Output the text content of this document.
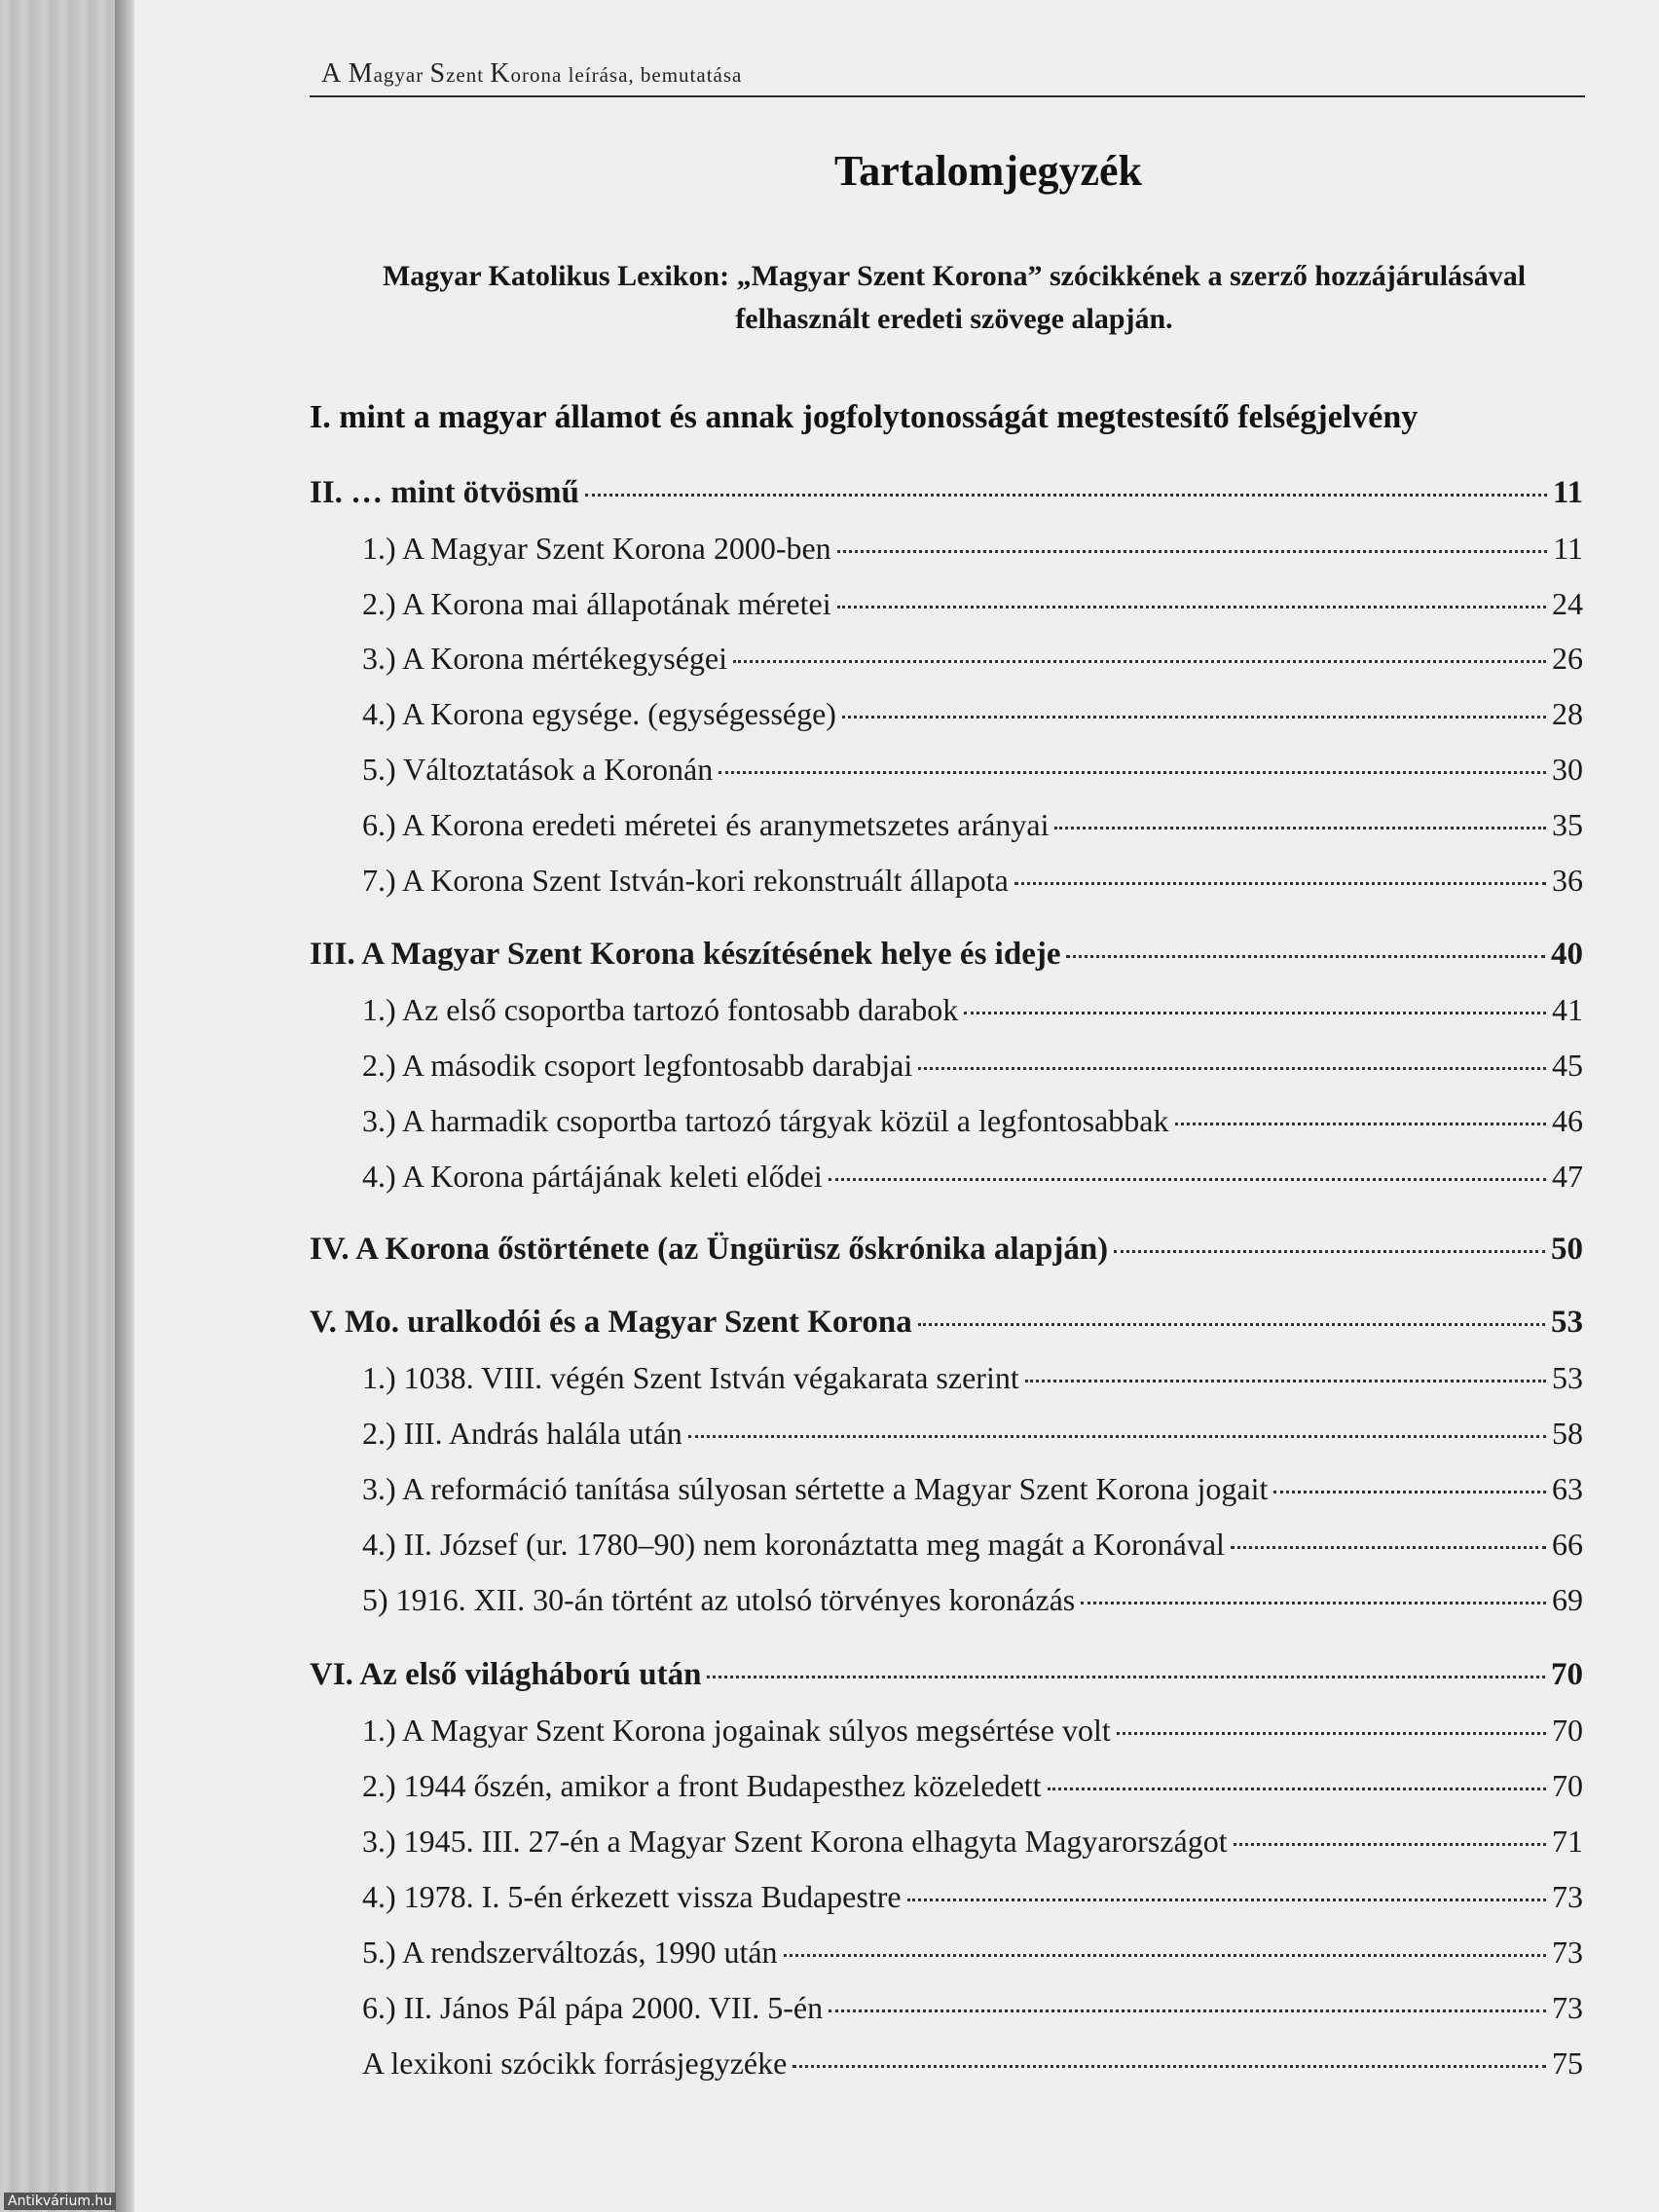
A Magyar Szent Korona leírása, bemutatása
Tartalomjegyzék
Magyar Katolikus Lexikon: „Magyar Szent Korona” szócikkének a szerző hozzájárulásával
felhasznált eredeti szövege alapján.
I. mint a magyar államot és annak jogfolytonosságát megtestesítő felségjelvény
II. … mint ötvösmű	11
1.) A Magyar Szent Korona 2000-ben	11
2.) A Korona mai állapotának méretei	24
3.) A Korona mértékegységei	26
4.) A Korona egysége. (egységessége)	28
5.) Változtatások a Koronán	30
6.) A Korona eredeti méretei és aranymetszetes arányai	35
7.) A Korona Szent István-kori rekonstruált állapota	36
III. A Magyar Szent Korona készítésének helye és ideje	40
1.) Az első csoportba tartozó fontosabb darabok	41
2.) A második csoport legfontosabb darabjai	45
3.) A harmadik csoportba tartozó tárgyak közül a legfontosabbak	46
4.) A Korona pártájának keleti elődei	47
IV. A Korona őstörténete (az Üngürüsz őskrónika alapján)	50
V. Mo. uralkodói és a Magyar Szent Korona	53
1.) 1038. VIII. végén Szent István végakarata szerint	53
2.) III. András halála után	58
3.) A reformáció tanítása súlyosan sértette a Magyar Szent Korona jogait	63
4.) II. József (ur. 1780–90) nem koronáztatta meg magát a Koronával	66
5) 1916. XII. 30-án történt az utolsó törvényes koronázás	69
VI. Az első világháború után	70
1.) A Magyar Szent Korona jogainak súlyos megsértése volt	70
2.) 1944 őszén, amikor a front Budapesthez közeledett	70
3.) 1945. III. 27-én a Magyar Szent Korona elhagyta Magyarországot	71
4.) 1978. I. 5-én érkezett vissza Budapestre	73
5.) A rendszerváltozás, 1990 után	73
6.) II. János Pál pápa 2000. VII. 5-én	73
A lexikoni szócikk forrásjegyzéke	75
Antikvárium.hu
